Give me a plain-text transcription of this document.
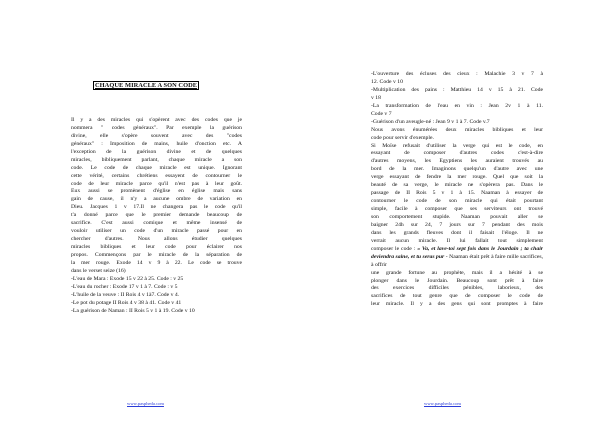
CHAQUE MIRACLE A SON CODE
Il y a des miracles qui s'opèrent avec des codes que je
nommera " codes généraux". Par exemple la guérison
divine, elle s'opère souvent avec des "codes
généraux" : Imposition de mains, huile d'onction etc. A
l'exception de la guérison divine et de quelques
miracles, bibliquement parlant, chaque miracle a son
code. Le code de chaque miracle est unique. Ignorant
cette vérité, certains chrétiens essayent de contourner le
code de leur miracle parce qu'il n'est pas à leur goût.
Eux aussi se promènent d'église en église mais sans
gain de cause, il n'y a aucune ombre de variation en
Dieu. Jacques 1 v 17.Il ne changera pas le code qu'il
t'a donné parce que le premier demande beaucoup de
sacrifice. C'est aussi comique et même insensé de
vouloir utiliser un code d'un miracle passé pour en
chercher d'autres. Nous allons étudier quelques
miracles bibliques et leur code pour éclairer nos
propos. Commençons par le miracle de la séparation de
la mer rouge. Exode 14 v 9 à 22. Le code se trouve
dans le verset seize (16)
-L'eau de Mara : Exode 15 v 22 à 25. Code : v 25
-L'eau du rocher : Exode 17 v 1 à 7. Code : v 5
-L'huile de la veuve : II Rois 4 v 1à7. Code v 4.
-Le pot du potage II Rois 4 v 38 à 41. Code v 41
-La guérison de Naman : II Rois 5 v 1 à 19. Code v 10
www.paspheda.com
-L'ouverture des écluses des cieux : Malachie 3 v 7 à
12. Code v 10
-Multiplication des pains : Matthieu 14 v 15 à 21. Code
v 18
-La transformation de l'eau en vin : Jean 2v 1 à 11.
Code v 7
-Guérison d'un aveugle-né : Jean 9 v 1 à 7. Code v.7
Nous avons énumérées deux miracles bibliques et leur
code pour servir d'exemple.
Si Moïse refusait d'utiliser la verge qui est le code, en
essayant de composer d'autres codes c'est-à-dire
d'autres moyens, les Egyptiens les auraient trouvés au
bord de la mer. Imaginons quelqu'un d'autre avec une
verge essayant de fendre la mer rouge. Quel que soit la
beauté de sa verge, le miracle ne s'opèrera pas. Dans le
passage de II Rois 5 v 1 à 15. Naaman à essayer de
contourner le code de son miracle qui était pourtant
simple, facile à composer que ses serviteurs ont trouvé
son comportement stupide. Naaman pouvait aller se
baigner 24h sur 24, 7 jours sur 7 pendant des mois
dans les grands fleuves dont il faisait l'éloge. Il ne
verrait aucun miracle. Il lui fallait tout simplement
composer le code : « Va, et lave-toi sept fois dans le Jourdain ; ta chair deviendra saine, et tu seras pur - Naaman était prêt à faire mille sacrifices, à offrir
une grande fortune au prophète, mais il a hésité à se
plonger dans le Jourdain. Beaucoup sont prêt à faire
des exercices difficiles pénibles, laborieux, des
sacrifices de tout genre que de composer le code de
leur miracle. Il y a des gens qui sont promptes à faire
www.paspheda.com
